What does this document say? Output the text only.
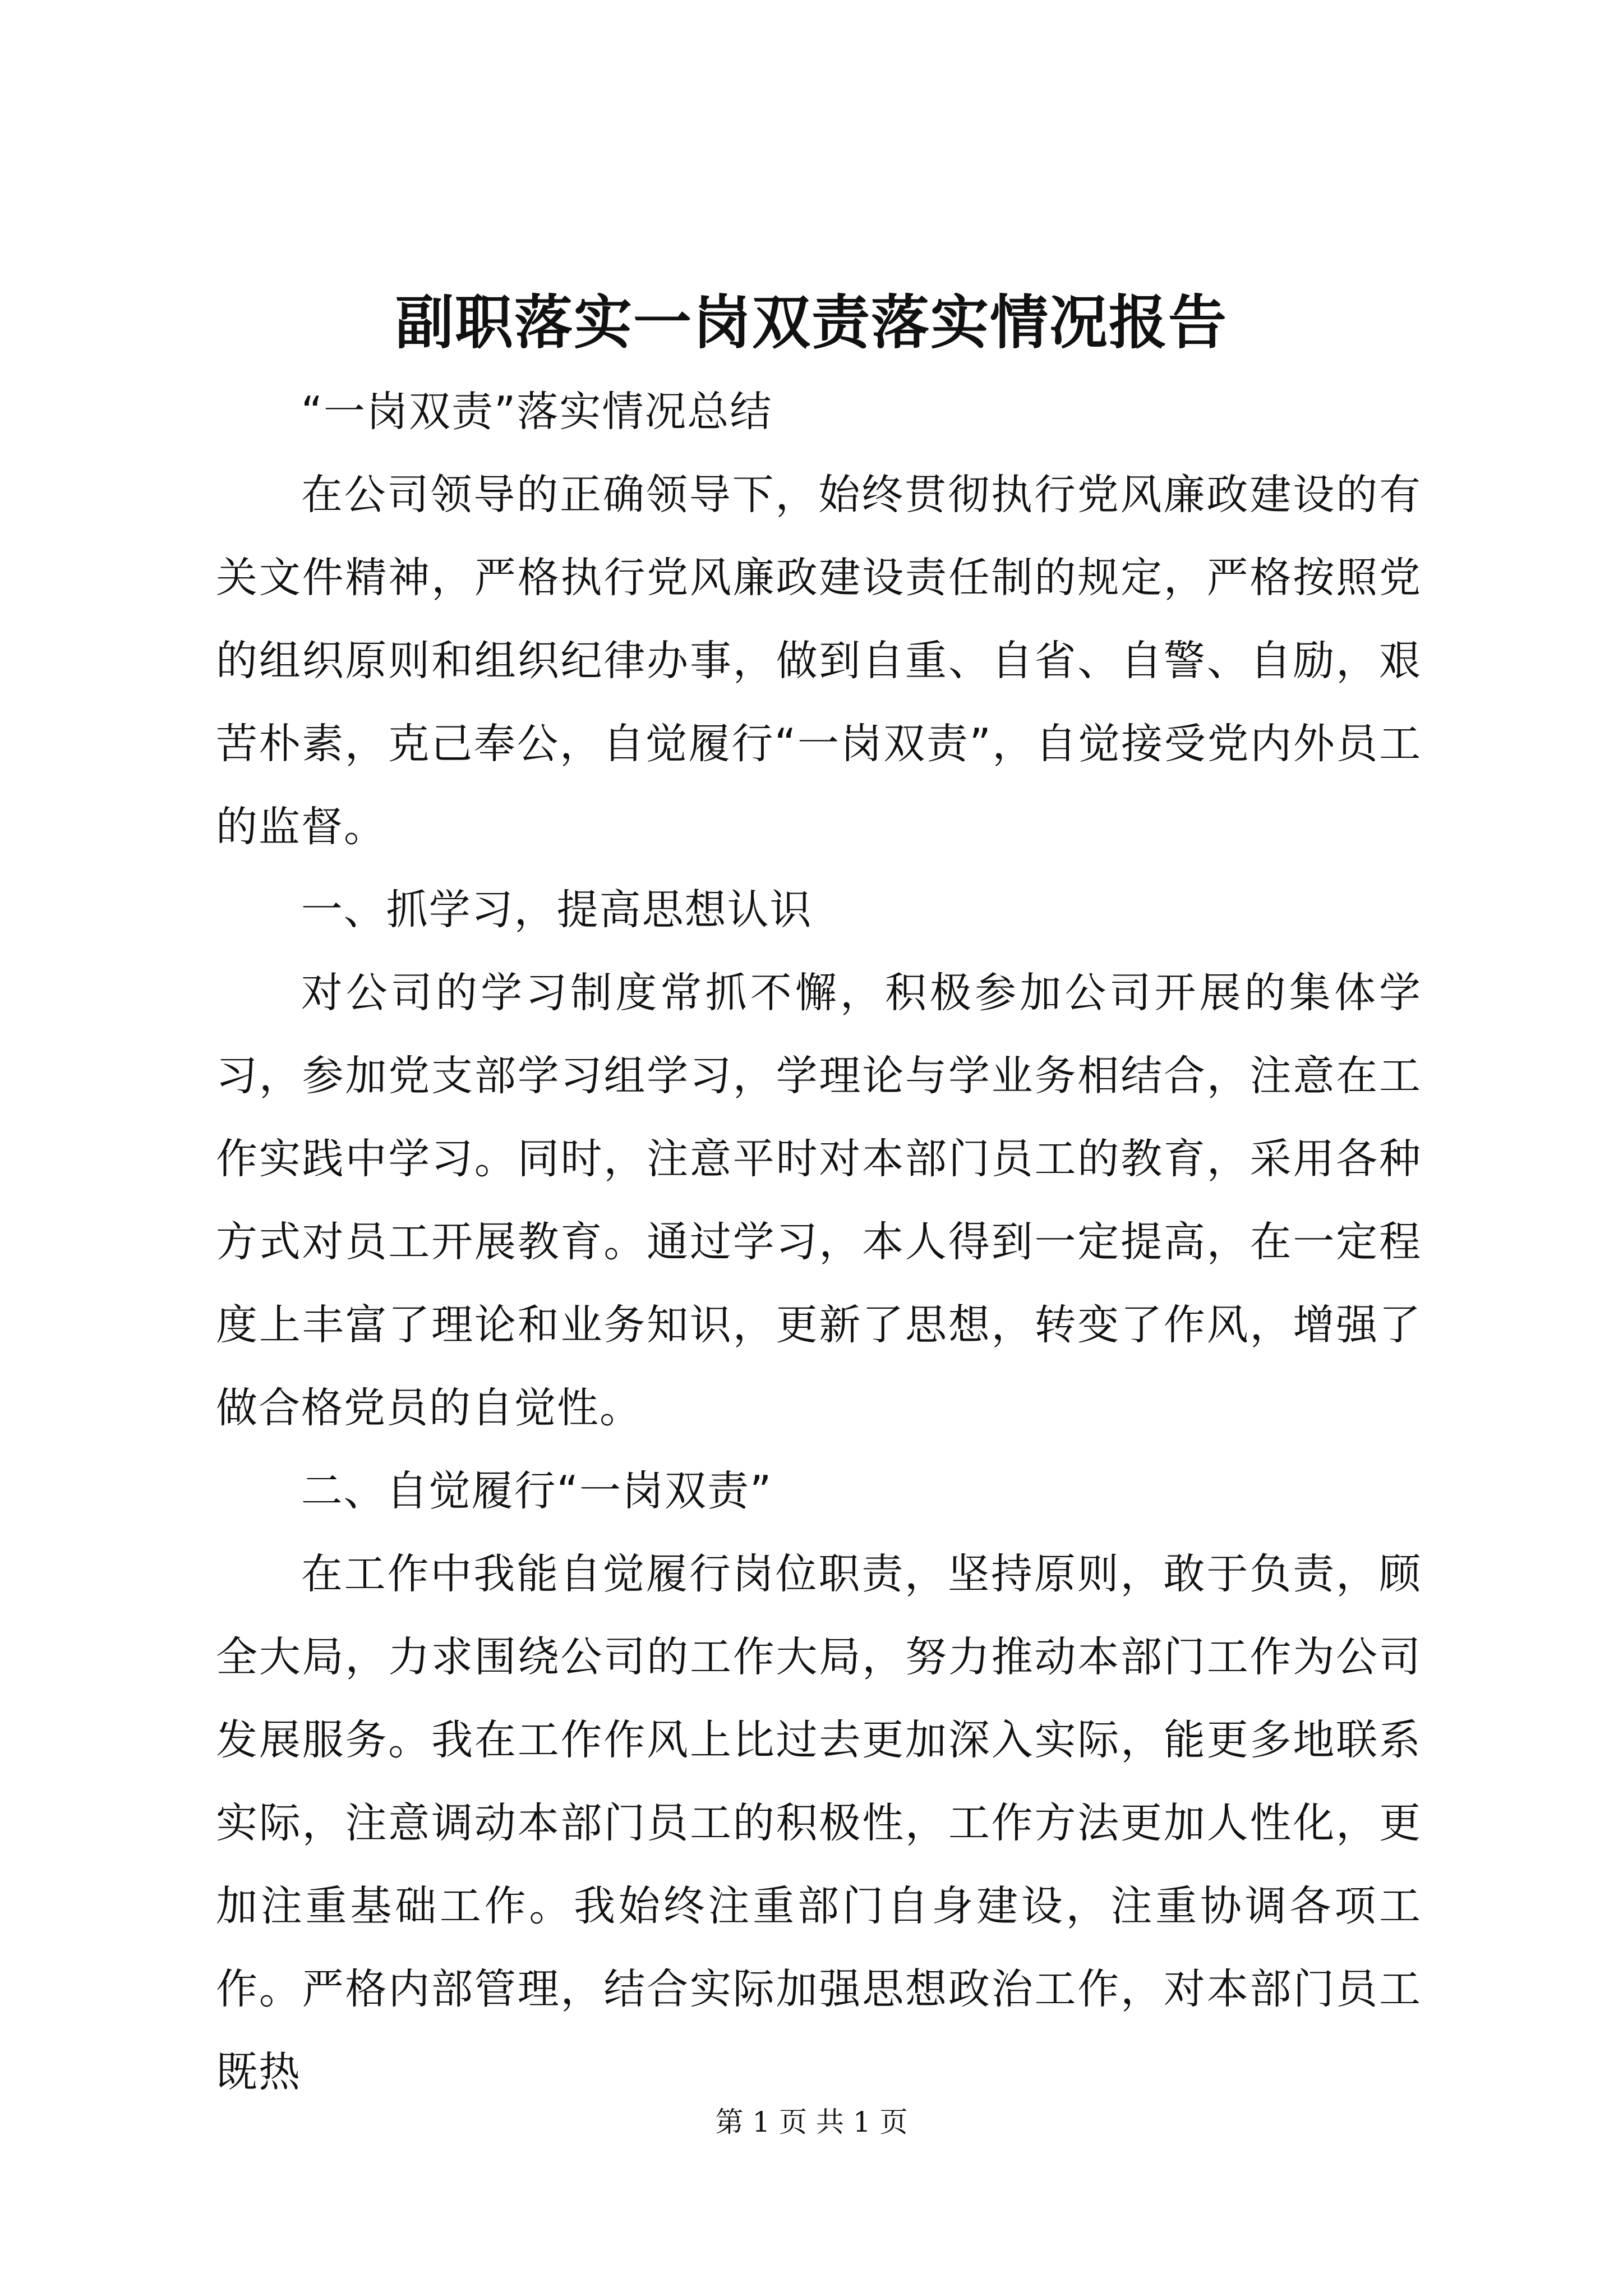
副职落实一岗双责落实情况报告

“一岗双责”落实情况总结

在公司领导的正确领导下，始终贯彻执行党风廉政建设的有关文件精神，严格执行党风廉政建设责任制的规定，严格按照党的组织原则和组织纪律办事，做到自重、自省、自警、自励，艰苦朴素，克己奉公，自觉履行“一岗双责”，自觉接受党内外员工的监督。

一、抓学习，提高思想认识

对公司的学习制度常抓不懈，积极参加公司开展的集体学习，参加党支部学习组学习，学理论与学业务相结合，注意在工作实践中学习。同时，注意平时对本部门员工的教育，采用各种方式对员工开展教育。通过学习，本人得到一定提高，在一定程度上丰富了理论和业务知识，更新了思想，转变了作风，增强了做合格党员的自觉性。

二、自觉履行“一岗双责”

在工作中我能自觉履行岗位职责，坚持原则，敢于负责，顾全大局，力求围绕公司的工作大局，努力推动本部门工作为公司发展服务。我在工作作风上比过去更加深入实际，能更多地联系实际，注意调动本部门员工的积极性，工作方法更加人性化，更加注重基础工作。我始终注重部门自身建设，注重协调各项工作。严格内部管理，结合实际加强思想政治工作，对本部门员工既热

第 1 页 共 1 页
